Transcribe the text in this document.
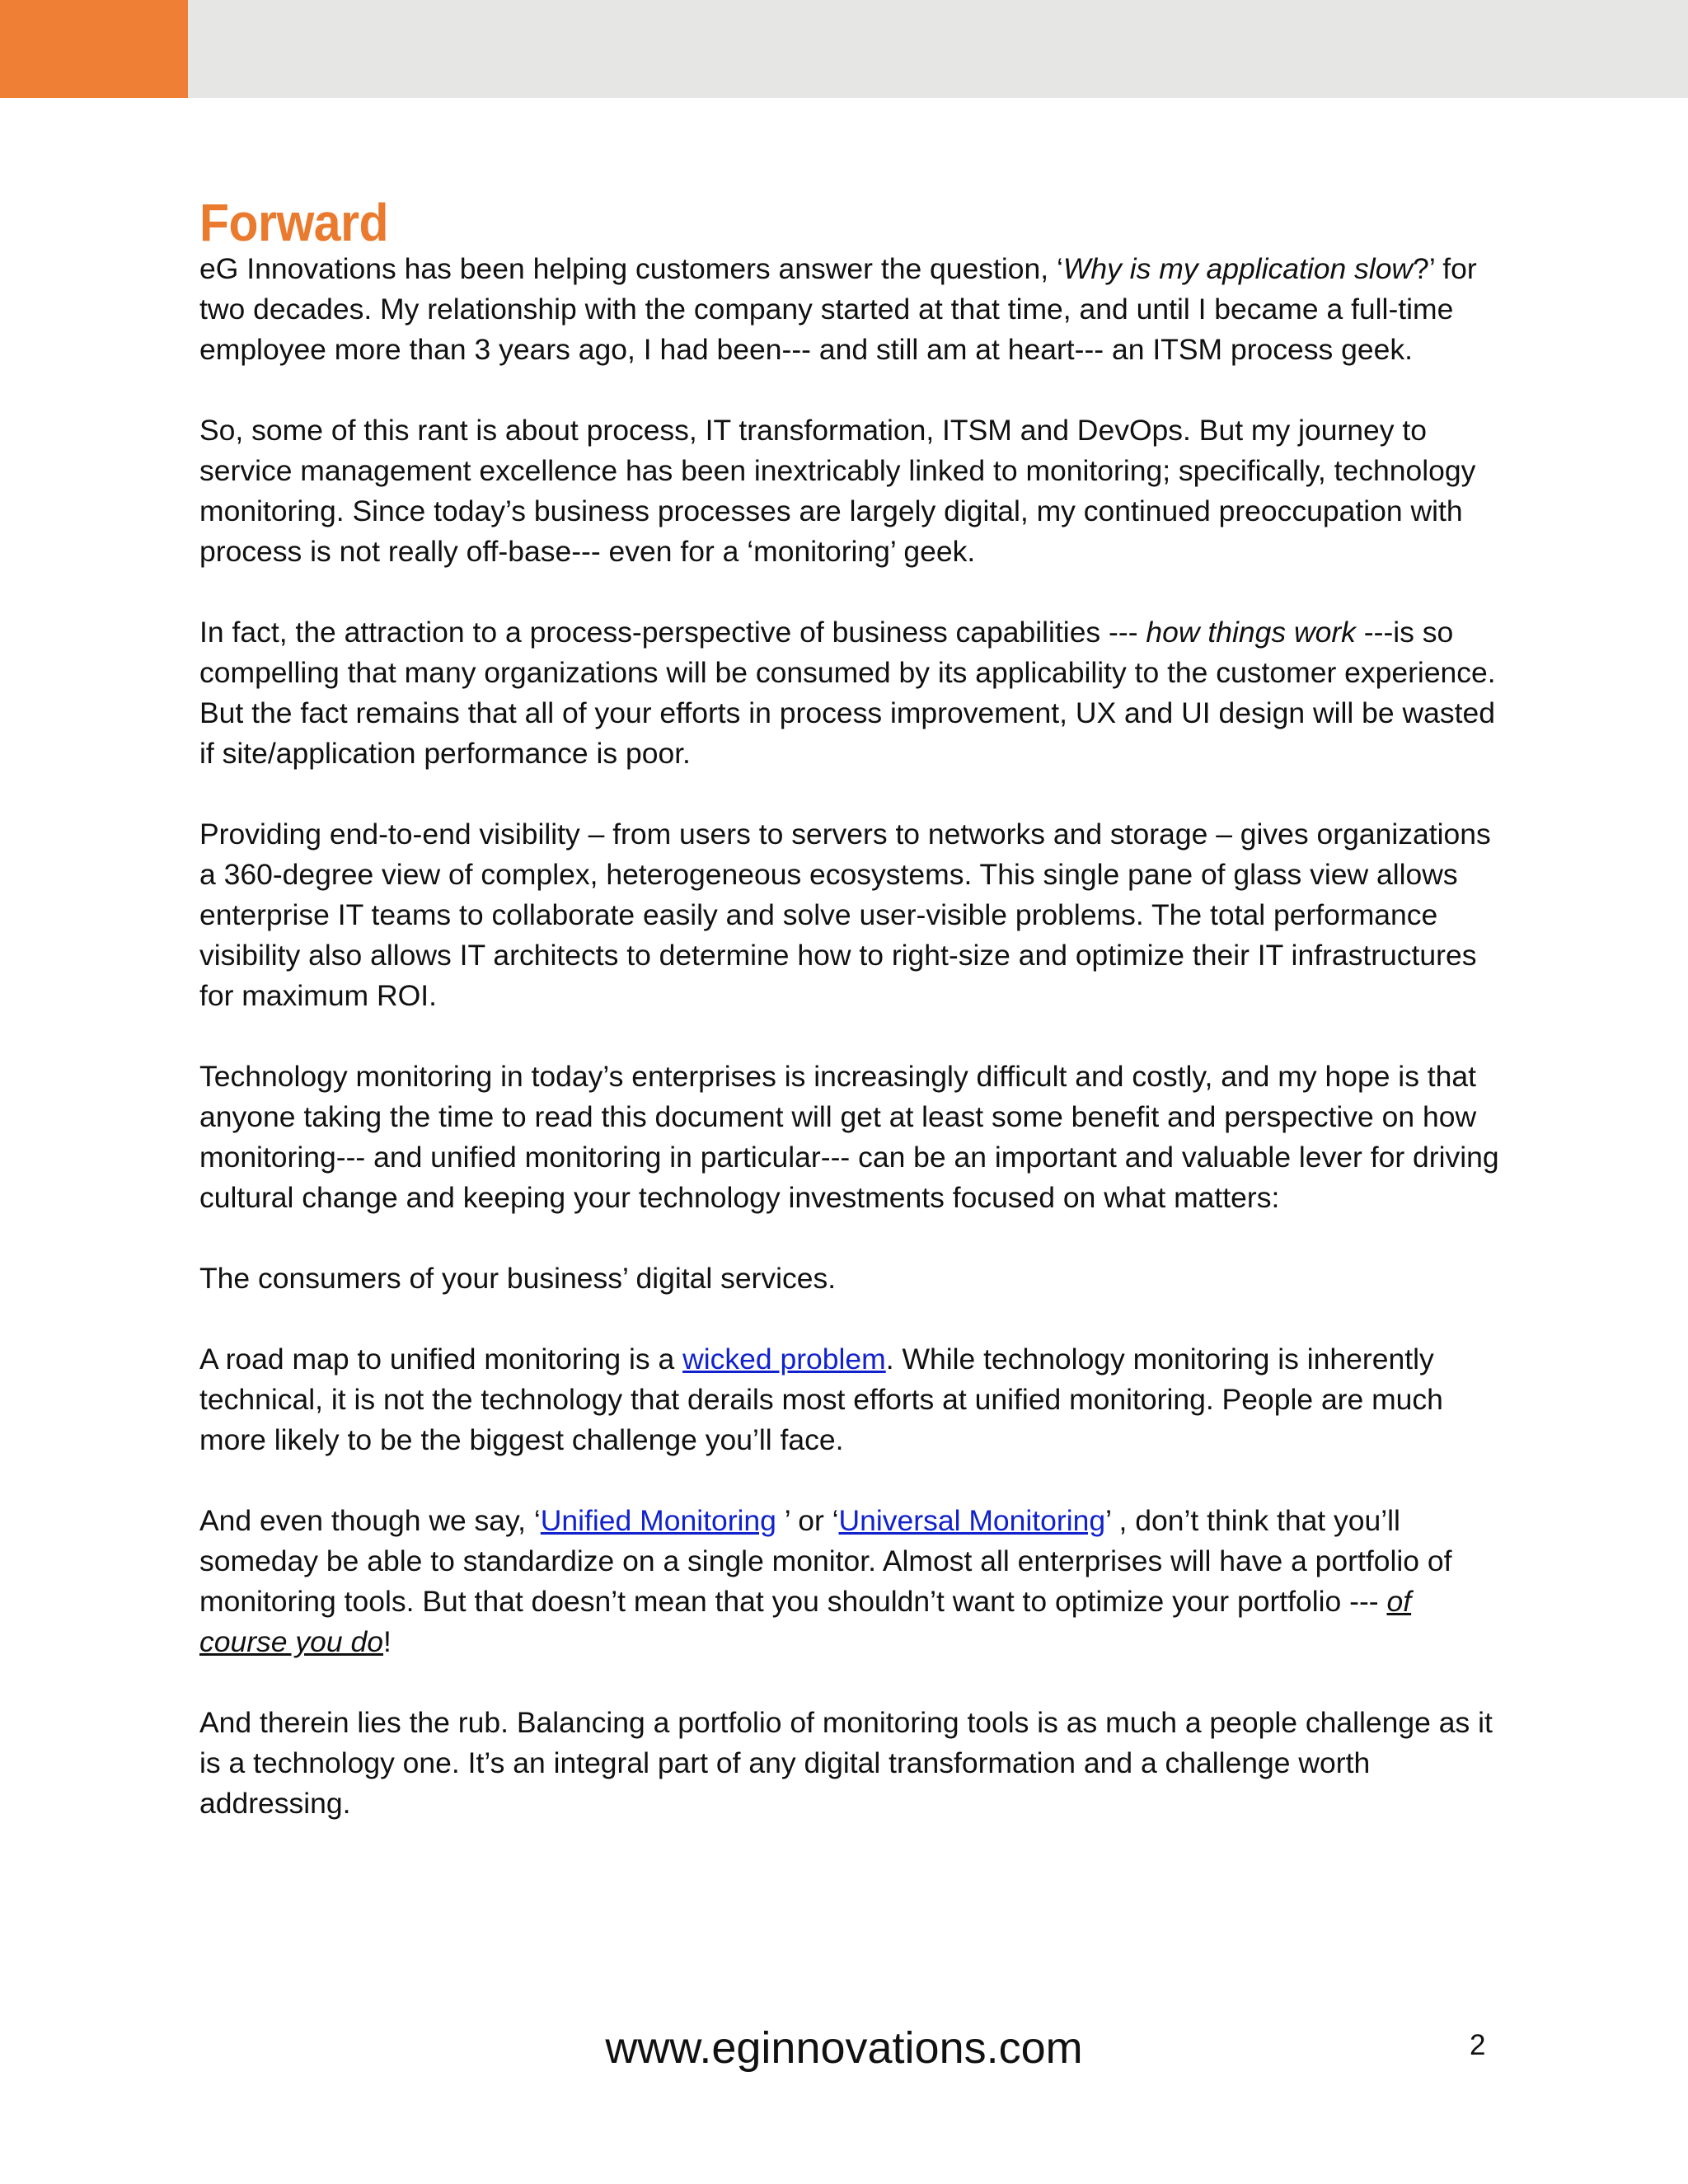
Forward

eG Innovations has been helping customers answer the question, ‘Why is my application slow?’ for two decades. My relationship with the company started at that time, and until I became a full-time employee more than 3 years ago, I had been--- and still am at heart--- an ITSM process geek.

So, some of this rant is about process, IT transformation, ITSM and DevOps. But my journey to service management excellence has been inextricably linked to monitoring; specifically, technology monitoring. Since today’s business processes are largely digital, my continued preoccupation with process is not really off-base--- even for a ‘monitoring’ geek.

In fact, the attraction to a process-perspective of business capabilities --- how things work ---is so compelling that many organizations will be consumed by its applicability to the customer experience. But the fact remains that all of your efforts in process improvement, UX and UI design will be wasted if site/application performance is poor.

Providing end-to-end visibility – from users to servers to networks and storage – gives organizations a 360-degree view of complex, heterogeneous ecosystems. This single pane of glass view allows enterprise IT teams to collaborate easily and solve user-visible problems. The total performance visibility also allows IT architects to determine how to right-size and optimize their IT infrastructures for maximum ROI.

Technology monitoring in today’s enterprises is increasingly difficult and costly, and my hope is that anyone taking the time to read this document will get at least some benefit and perspective on how monitoring--- and unified monitoring in particular--- can be an important and valuable lever for driving cultural change and keeping your technology investments focused on what matters:

The consumers of your business’ digital services.

A road map to unified monitoring is a wicked problem. While technology monitoring is inherently technical, it is not the technology that derails most efforts at unified monitoring. People are much more likely to be the biggest challenge you’ll face.

And even though we say, ‘Unified Monitoring ’ or ‘Universal Monitoring’ , don’t think that you’ll someday be able to standardize on a single monitor. Almost all enterprises will have a portfolio of monitoring tools. But that doesn’t mean that you shouldn’t want to optimize your portfolio --- of course you do!

And therein lies the rub. Balancing a portfolio of monitoring tools is as much a people challenge as it is a technology one. It’s an integral part of any digital transformation and a challenge worth addressing.

www.eginnovations.com	2
